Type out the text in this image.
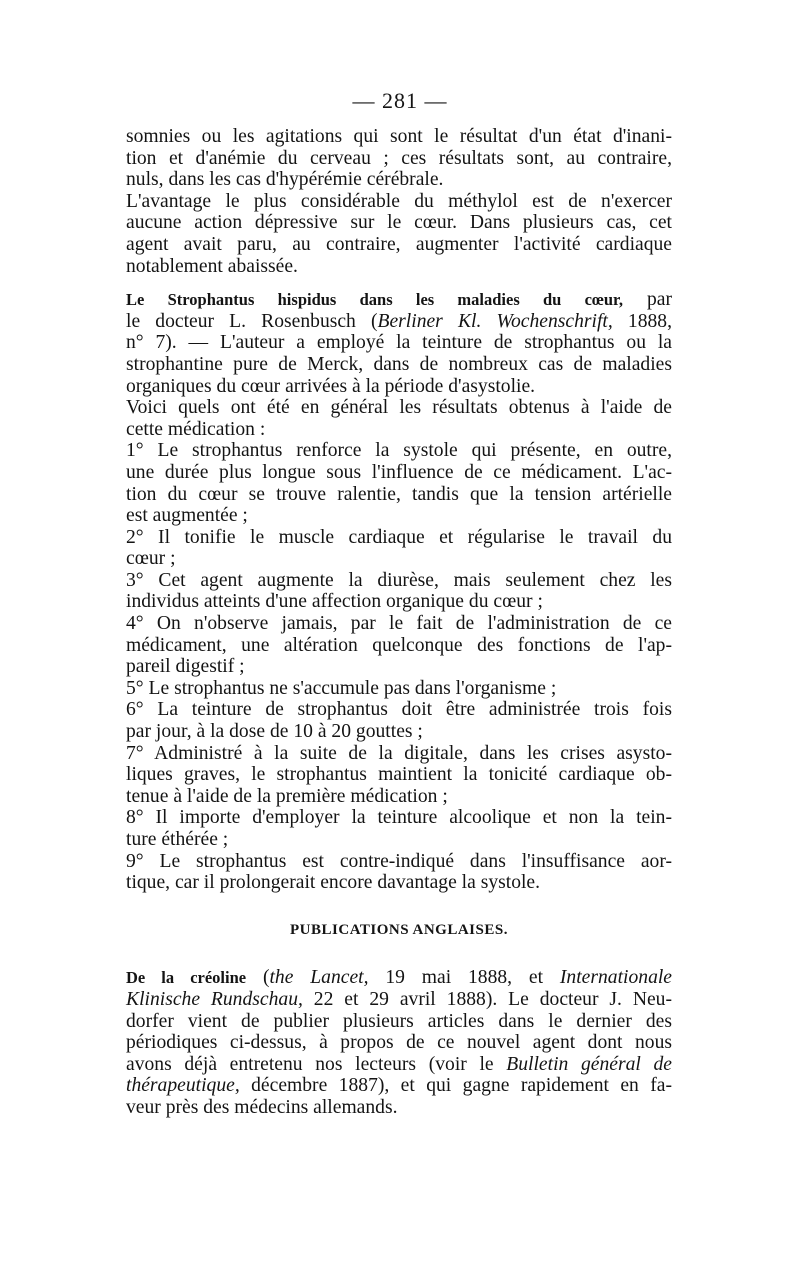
— 281 —

somnies ou les agitations qui sont le résultat d'un état d'inani-
tion et d'anémie du cerveau ; ces résultats sont, au contraire,
nuls, dans les cas d'hypérémie cérébrale.

L'avantage le plus considérable du méthylol est de n'exercer
aucune action dépressive sur le cœur. Dans plusieurs cas, cet
agent avait paru, au contraire, augmenter l'activité cardiaque
notablement abaissée.

Le Strophantus hispidus dans les maladies du cœur, par
le docteur L. Rosenbusch (Berliner Kl. Wochenschrift, 1888,
n° 7). — L'auteur a employé la teinture de strophantus ou la
strophantine pure de Merck, dans de nombreux cas de maladies
organiques du cœur arrivées à la période d'asystolie.
Voici quels ont été en général les résultats obtenus à l'aide de
cette médication :

1° Le strophantus renforce la systole qui présente, en outre,
une durée plus longue sous l'influence de ce médicament. L'ac-
tion du cœur se trouve ralentie, tandis que la tension artérielle
est augmentée ;

2° Il tonifie le muscle cardiaque et régularise le travail du
cœur ;

3° Cet agent augmente la diurèse, mais seulement chez les
individus atteints d'une affection organique du cœur ;

4° On n'observe jamais, par le fait de l'administration de ce
médicament, une altération quelconque des fonctions de l'ap-
pareil digestif ;

5° Le strophantus ne s'accumule pas dans l'organisme ;

6° La teinture de strophantus doit être administrée trois fois
par jour, à la dose de 10 à 20 gouttes ;

7° Administré à la suite de la digitale, dans les crises asysto-
liques graves, le strophantus maintient la tonicité cardiaque ob-
tenue à l'aide de la première médication ;

8° Il importe d'employer la teinture alcoolique et non la tein-
ture éthérée ;

9° Le strophantus est contre-indiqué dans l'insuffisance aor-
tique, car il prolongerait encore davantage la systole.

PUBLICATIONS ANGLAISES.

De la créoline (the Lancet, 19 mai 1888, et Internationale
Klinische Rundschau, 22 et 29 avril 1888). Le docteur J. Neu-
dorfer vient de publier plusieurs articles dans le dernier des
périodiques ci-dessus, à propos de ce nouvel agent dont nous
avons déjà entretenu nos lecteurs (voir le Bulletin général de
thérapeutique, décembre 1887), et qui gagne rapidement en fa-
veur près des médecins allemands.
